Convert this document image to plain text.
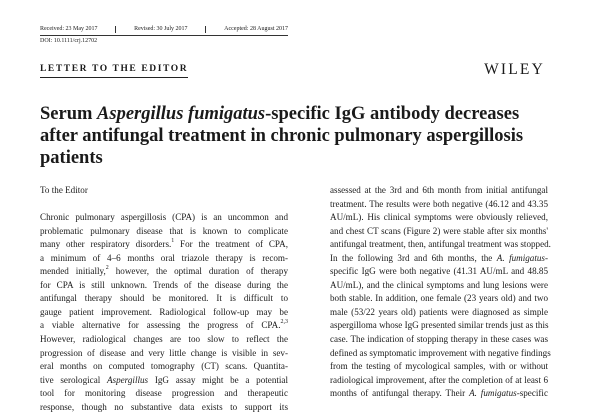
Received: 23 May 2017	Revised: 30 July 2017	Accepted: 28 August 2017
DOI: 10.1111/crj.12702
LETTER TO THE EDITOR	WILEY
Serum Aspergillus fumigatus-specific IgG antibody decreases after antifungal treatment in chronic pulmonary aspergillosis patients

To the Editor

Chronic pulmonary aspergillosis (CPA) is an uncommon and
problematic pulmonary disease that is known to complicate
many other respiratory disorders.$^1$ For the treatment of CPA,
a minimum of 4–6 months oral triazole therapy is recom-
mended initially,$^2$ however, the optimal duration of therapy
for CPA is still unknown. Trends of the disease during the
antifungal therapy should be monitored. It is difficult to
gauge patient improvement. Radiological follow-up may be
a viable alternative for assessing the progress of CPA.$^{2,3}$
However, radiological changes are too slow to reflect the
progression of disease and very little change is visible in sev-
eral months on computed tomography (CT) scans. Quantita-
tive serological Aspergillus IgG assay might be a potential
tool for monitoring disease progression and therapeutic
response, though no substantive data exists to support its
assessed at the 3rd and 6th month from initial antifungal
treatment. The results were both negative (46.12 and 43.35
AU/mL). His clinical symptoms were obviously relieved,
and chest CT scans (Figure 2) were stable after six months'
antifungal treatment, then, antifungal treatment was stopped.
In the following 3rd and 6th months, the A. fumigatus-
specific IgG were both negative (41.31 AU/mL and 48.85
AU/mL), and the clinical symptoms and lung lesions were
both stable. In addition, one female (23 years old) and two
male (53/22 years old) patients were diagnosed as simple
aspergilloma whose IgG presented similar trends just as this
case. The indication of stopping therapy in these cases was
defined as symptomatic improvement with negative findings
from the testing of mycological samples, with or without
radiological improvement, after the completion of at least 6
months of antifungal therapy. Their A. fumigatus-specific
